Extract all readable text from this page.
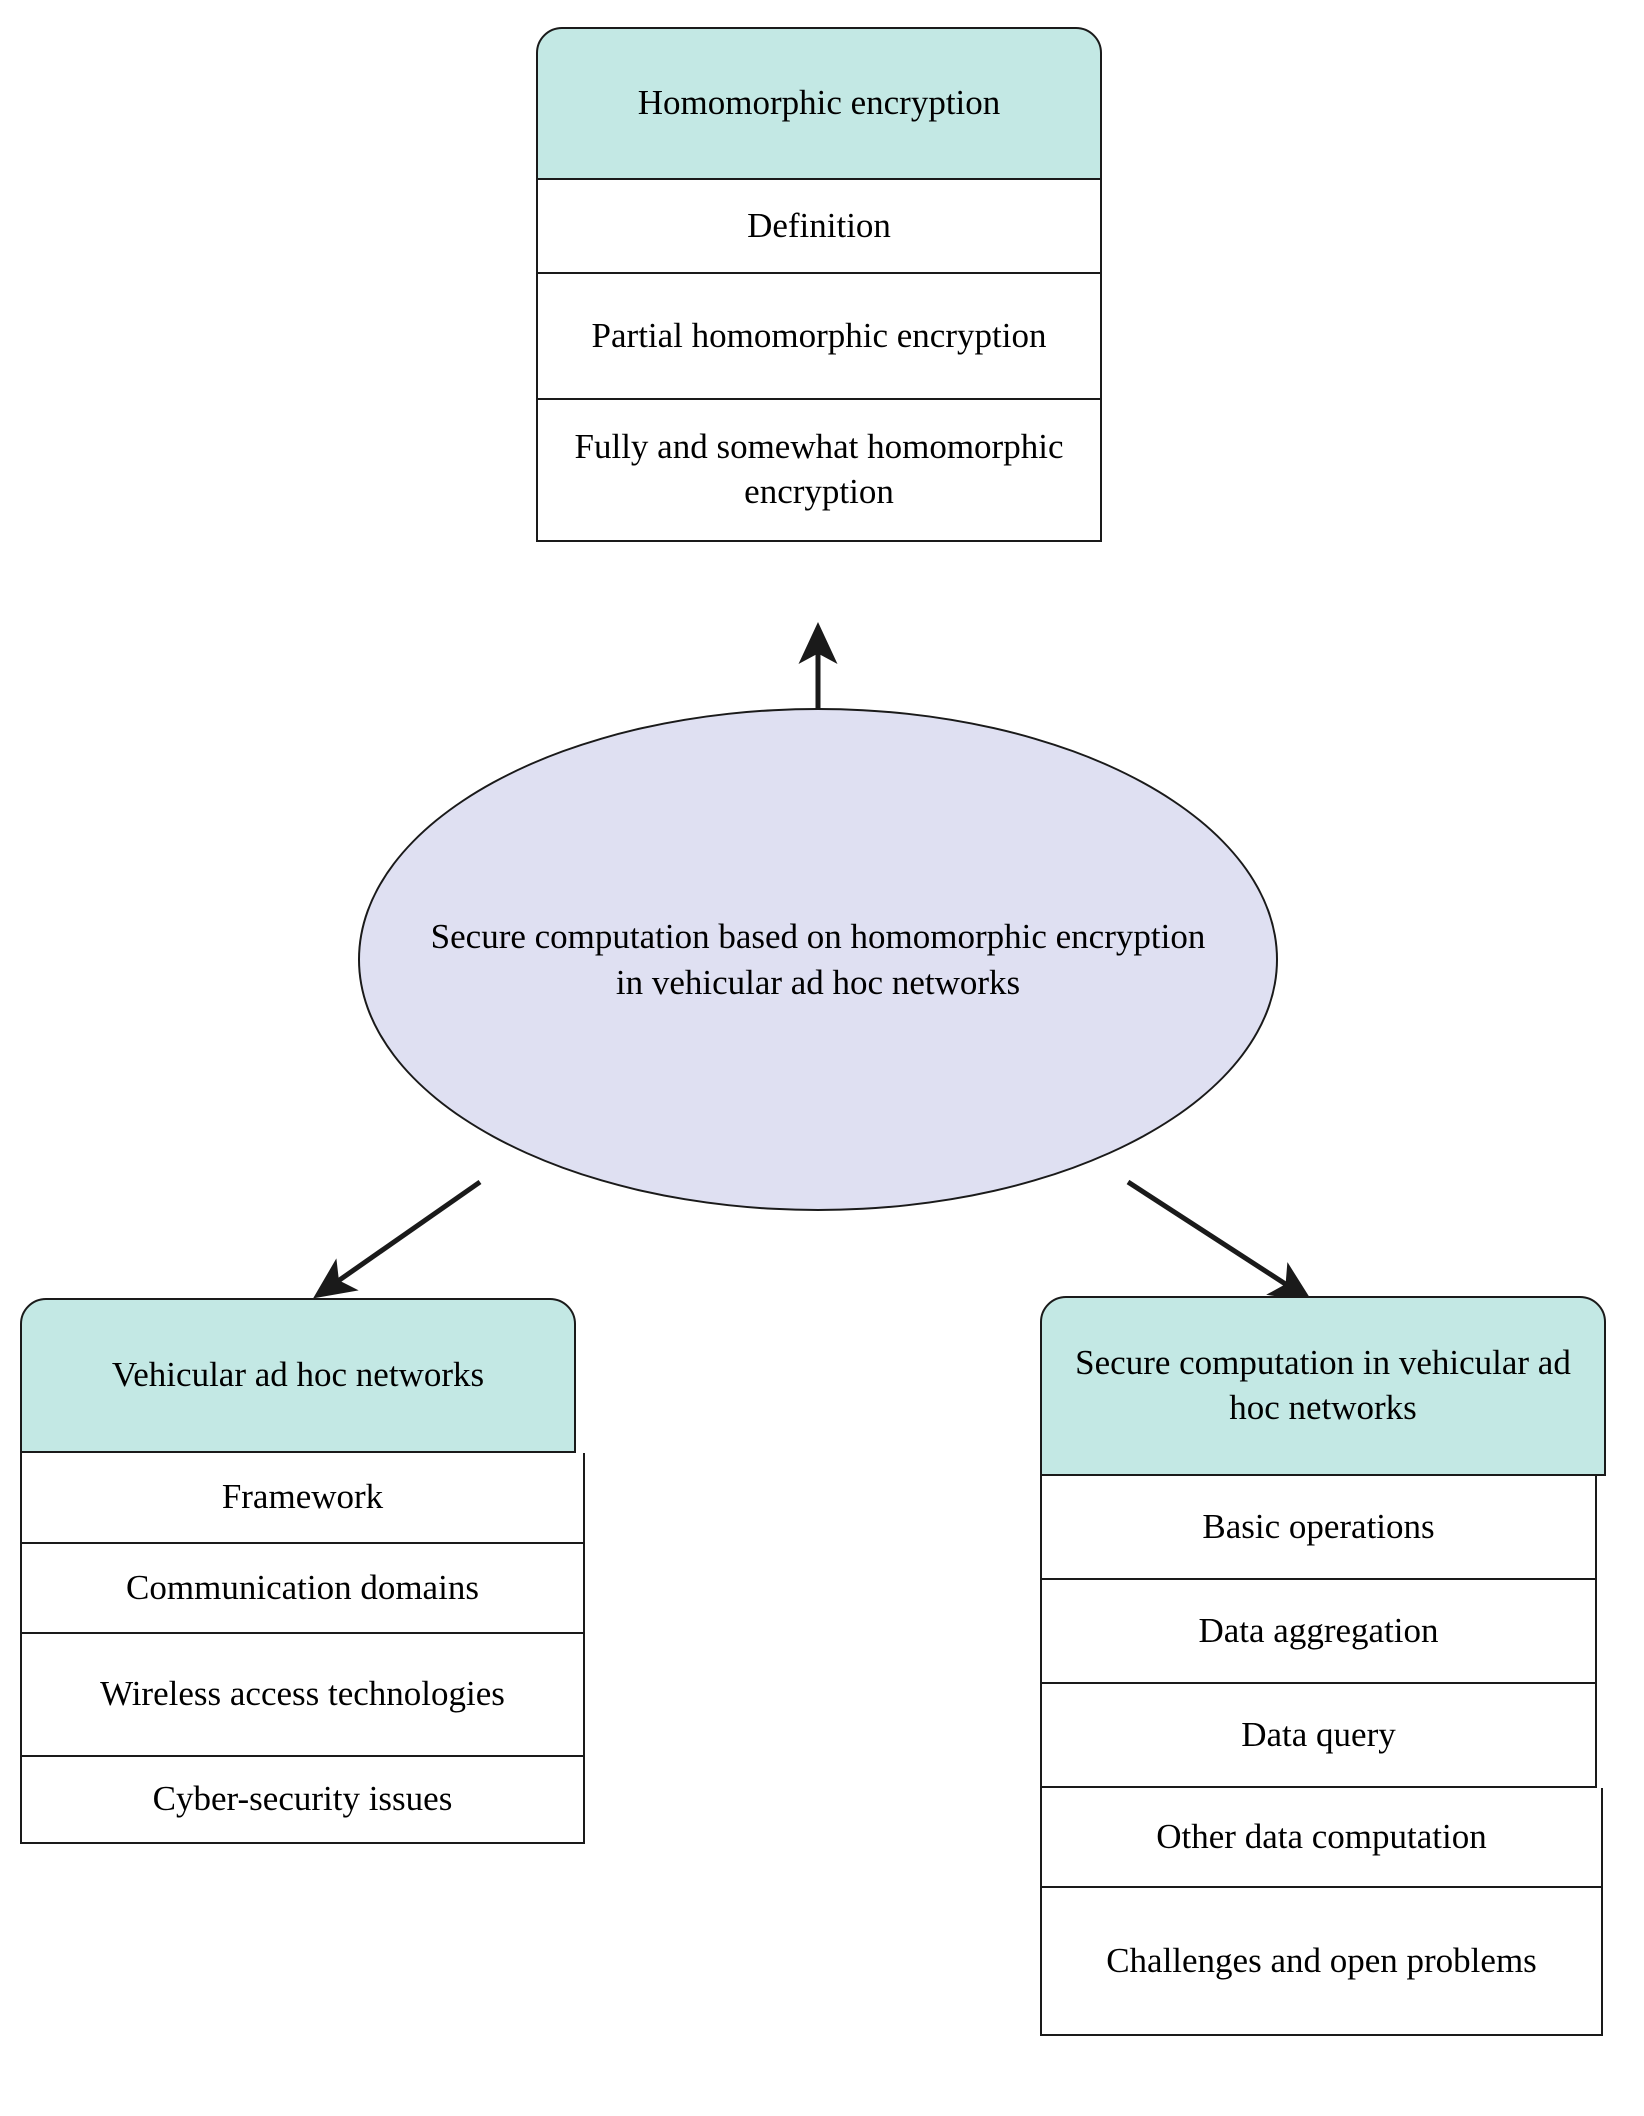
Homomorphic encryption
Definition
Partial homomorphic encryption
Fully and somewhat homomorphic encryption
Secure computation based on homomorphic encryption in vehicular ad hoc networks
Vehicular ad hoc networks
Framework
Communication domains
Wireless access technologies
Cyber-security issues
Secure computation in vehicular ad hoc networks
Basic operations
Data aggregation
Data query
Other data computation
Challenges and open problems
